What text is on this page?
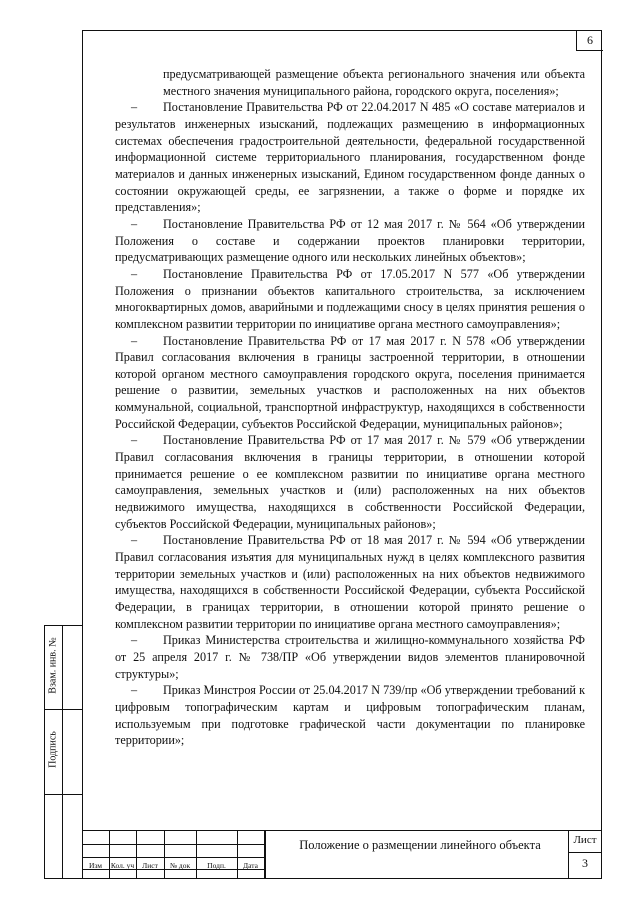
6
предусматривающей размещение объекта регионального значения или объекта местного значения муниципального района, городского округа, поселения»;
– Постановление Правительства РФ от 22.04.2017 N 485 «О составе материалов и результатов инженерных изысканий, подлежащих размещению в информационных системах обеспечения градостроительной деятельности, федеральной государственной информационной системе территориального планирования, государственном фонде материалов и данных инженерных изысканий, Едином государственном фонде данных о состоянии окружающей среды, ее загрязнении, а также о форме и порядке их представления»;
– Постановление Правительства РФ от 12 мая 2017 г. № 564 «Об утверждении Положения о составе и содержании проектов планировки территории, предусматривающих размещение одного или нескольких линейных объектов»;
– Постановление Правительства РФ от 17.05.2017 N 577 «Об утверждении Положения о признании объектов капитального строительства, за исключением многоквартирных домов, аварийными и подлежащими сносу в целях принятия решения о комплексном развитии территории по инициативе органа местного самоуправления»;
– Постановление Правительства РФ от 17 мая 2017 г. N 578 «Об утверждении Правил согласования включения в границы застроенной территории, в отношении которой органом местного самоуправления городского округа, поселения принимается решение о развитии, земельных участков и расположенных на них объектов коммунальной, социальной, транспортной инфраструктур, находящихся в собственности Российской Федерации, субъектов Российской Федерации, муниципальных районов»;
– Постановление Правительства РФ от 17 мая 2017 г. № 579 «Об утверждении Правил согласования включения в границы территории, в отношении которой принимается решение о ее комплексном развитии по инициативе органа местного самоуправления, земельных участков и (или) расположенных на них объектов недвижимого имущества, находящихся в собственности Российской Федерации, субъектов Российской Федерации, муниципальных районов»;
– Постановление Правительства РФ от 18 мая 2017 г. № 594 «Об утверждении Правил согласования изъятия для муниципальных нужд в целях комплексного развития территории земельных участков и (или) расположенных на них объектов недвижимого имущества, находящихся в собственности Российской Федерации, субъекта Российской Федерации, в границах территории, в отношении которой принято решение о комплексном развитии территории по инициативе органа местного самоуправления»;
– Приказ Министерства строительства и жилищно-коммунального хозяйства РФ от 25 апреля 2017 г. № 738/ПР «Об утверждении видов элементов планировочной структуры»;
– Приказ Минстроя России от 25.04.2017 N 739/пр «Об утверждении требований к цифровым топографическим картам и цифровым топографическим планам, используемым при подготовке графической части документации по планировке территории»;
Взам. инв. №
Подпись
Изм	Кол. уч	Лист	№ док	Подп.	Дата
Положение о размещении линейного объекта	Лист
3
